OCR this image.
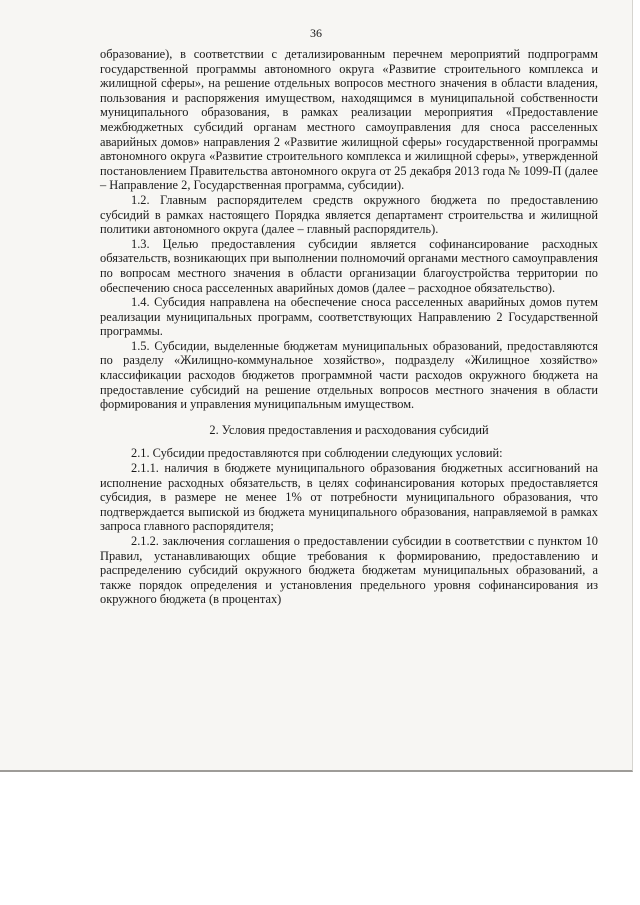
36

образование), в соответствии с детализированным перечнем мероприятий подпрограмм государственной программы автономного округа «Развитие строительного комплекса и жилищной сферы», на решение отдельных вопросов местного значения в области владения, пользования и распоряжения имуществом, находящимся в муниципальной собственности муниципального образования, в рамках реализации мероприятия «Предоставление межбюджетных субсидий органам местного самоуправления для сноса расселенных аварийных домов» направления 2 «Развитие жилищной сферы» государственной программы автономного округа «Развитие строительного комплекса и жилищной сферы», утвержденной постановлением Правительства автономного округа от 25 декабря 2013 года № 1099-П (далее – Направление 2, Государственная программа, субсидии).

1.2. Главным распорядителем средств окружного бюджета по предоставлению субсидий в рамках настоящего Порядка является департамент строительства и жилищной политики автономного округа (далее – главный распорядитель).

1.3. Целью предоставления субсидии является софинансирование расходных обязательств, возникающих при выполнении полномочий органами местного самоуправления по вопросам местного значения в области организации благоустройства территории по обеспечению сноса расселенных аварийных домов (далее – расходное обязательство).

1.4. Субсидия направлена на обеспечение сноса расселенных аварийных домов путем реализации муниципальных программ, соответствующих Направлению 2 Государственной программы.

1.5. Субсидии, выделенные бюджетам муниципальных образований, предоставляются по разделу «Жилищно-коммунальное хозяйство», подразделу «Жилищное хозяйство» классификации расходов бюджетов программной части расходов окружного бюджета на предоставление субсидий на решение отдельных вопросов местного значения в области формирования и управления муниципальным имуществом.

2. Условия предоставления и расходования субсидий

2.1. Субсидии предоставляются при соблюдении следующих условий:

2.1.1. наличия в бюджете муниципального образования бюджетных ассигнований на исполнение расходных обязательств, в целях софинансирования которых предоставляется субсидия, в размере не менее 1% от потребности муниципального образования, что подтверждается выпиской из бюджета муниципального образования, направляемой в рамках запроса главного распорядителя;

2.1.2. заключения соглашения о предоставлении субсидии в соответствии с пунктом 10 Правил, устанавливающих общие требования к формированию, предоставлению и распределению субсидий окружного бюджета бюджетам муниципальных образований, а также порядок определения и установления предельного уровня софинансирования из окружного бюджета (в процентах)
